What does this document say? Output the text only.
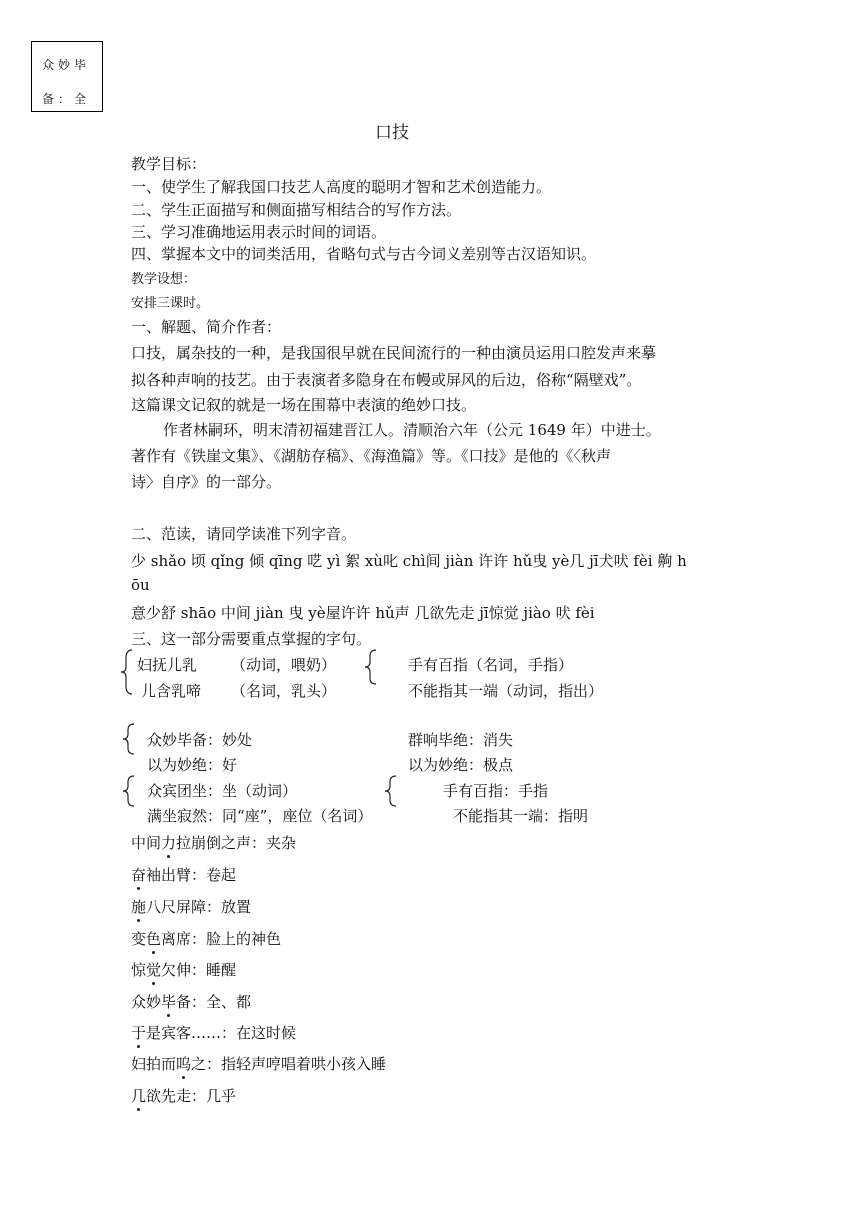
众妙毕
备：全
口技
教学目标：
一、使学生了解我国口技艺人高度的聪明才智和艺术创造能力。
二、学生正面描写和侧面描写相结合的写作方法。
三、学习准确地运用表示时间的词语。
四、掌握本文中的词类活用，省略句式与古今词义差别等古汉语知识。
教学设想：
安排三课时。
一、解题、简介作者：
口技，属杂技的一种，是我国很早就在民间流行的一种由演员运用口腔发声来摹
拟各种声响的技艺。由于表演者多隐身在布幔或屏风的后边，俗称“隔壁戏”。
这篇课文记叙的就是一场在围幕中表演的绝妙口技。
作者林嗣环，明末清初福建晋江人。清顺治六年（公元 1649 年）中进士。
著作有《铁崖文集》、《湖舫存稿》、《海渔篇》等。《口技》是他的《〈秋声
诗〉自序》的一部分。
二、范读，请同学读准下列字音。
少 shǎo 顷 qǐng 倾 qīng 呓 yì 絮 xù叱 chì间 jiàn 许许 hǔ曳 yè几 jī犬吠 fèi 齁 h
ōu
意少舒 shāo 中间 jiàn 曳 yè屋许许 hǔ声 几欲先走 jī惊觉 jiào 吠 fèi
三、这一部分需要重点掌握的字句。
妇抚儿乳 （动词，喂奶）
儿含乳啼 （名词，乳头）
手有百指（名词，手指）
不能指其一端（动词，指出）
众妙毕备：妙处
以为妙绝：好
群响毕绝：消失
以为妙绝：极点
众宾团坐：坐（动词）
满坐寂然：同“座”，座位（名词）
手有百指：手指
不能指其一端：指明
中间力拉崩倒之声：夹杂
奋袖出臂：卷起
施八尺屏障：放置
变色离席：脸上的神色
惊觉欠伸：睡醒
众妙毕备：全、都
于是宾客……：在这时候
妇拍而呜之：指轻声哼唱着哄小孩入睡
几欲先走：几乎
